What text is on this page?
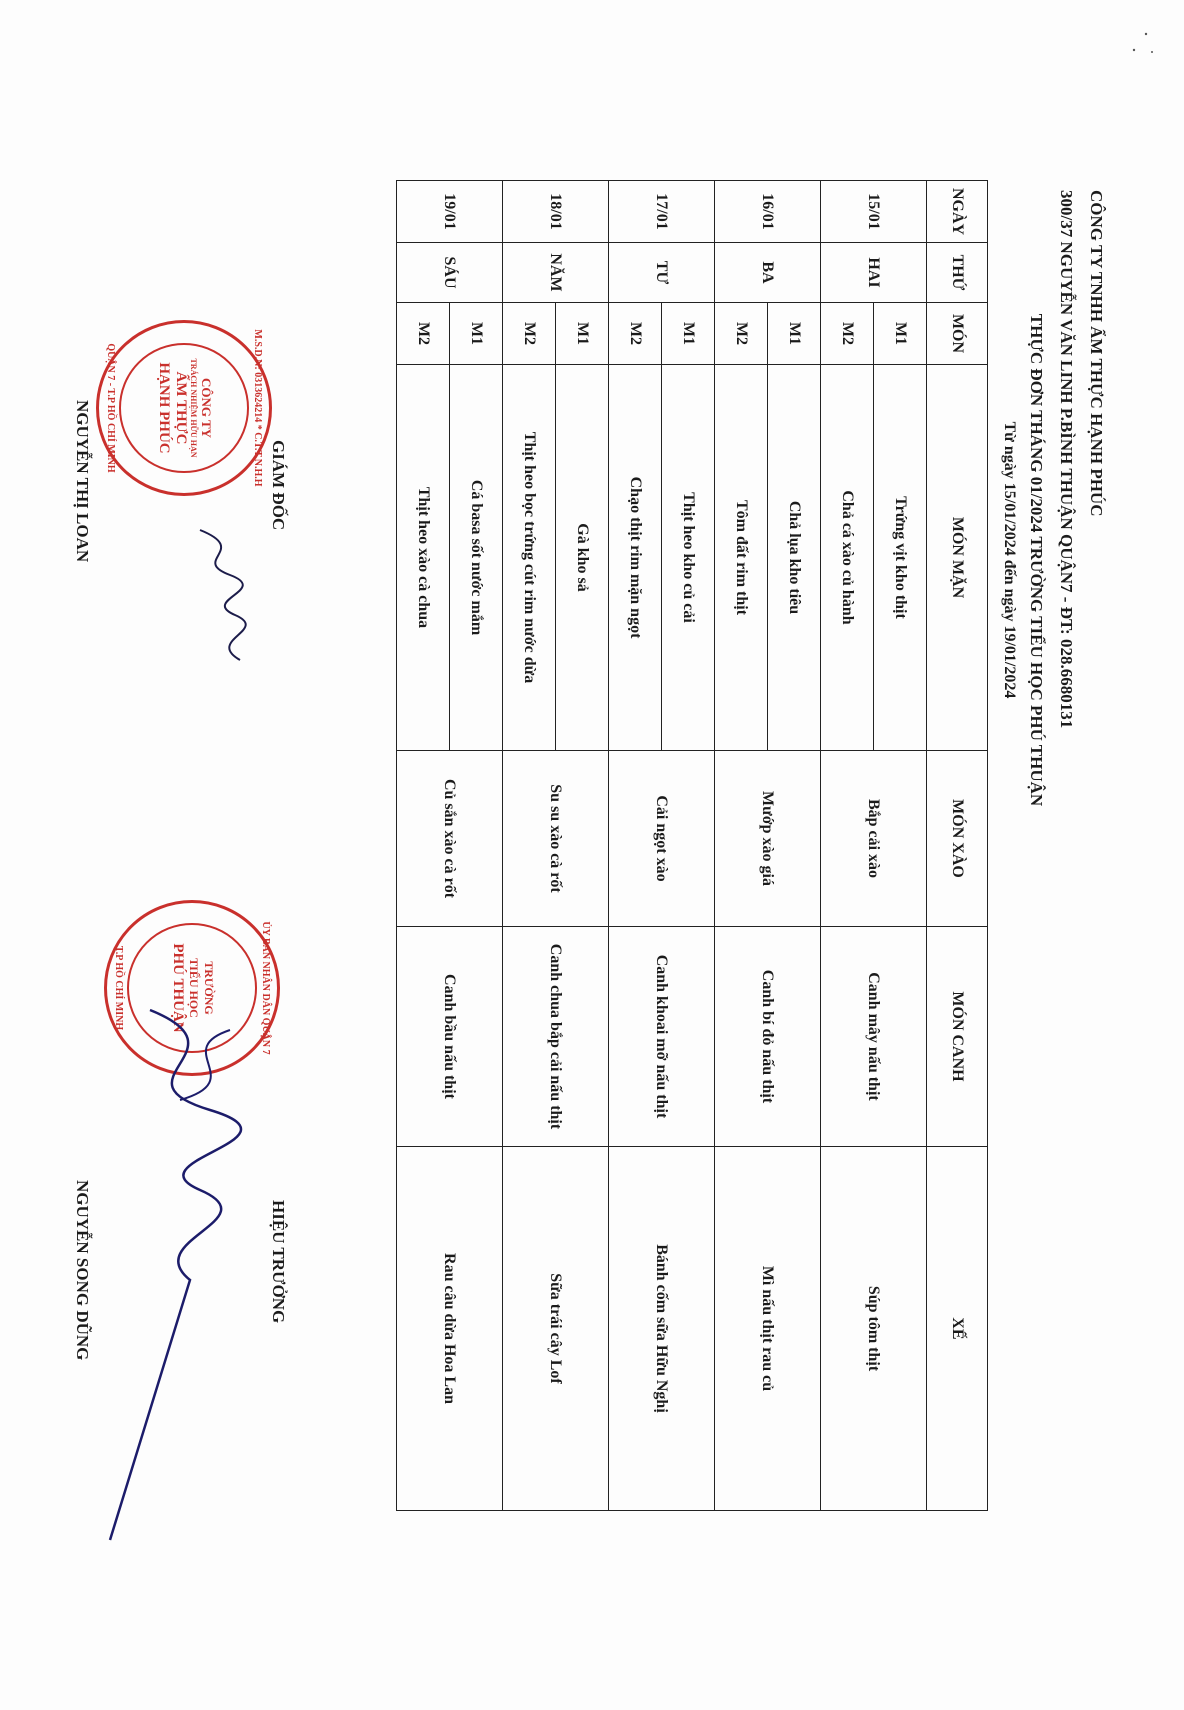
CÔNG TY TNHH ẨM THỰC HẠNH PHÚC
300/37 NGUYỄN VĂN LINH P.BÌNH THUẬN QUẬN7 - ĐT: 028.6680131
THỰC ĐƠN THÁNG 01/2024 TRƯỜNG TIỂU HỌC PHÚ THUẬN
Từ ngày 15/01/2024 đến ngày 19/01/2024
NGÀY	THỨ	MÓN	MÓN MẶN	MÓN XÀO	MÓN CANH	XẾ
15/01	HAI	M1	Trứng vịt kho thịt	Bắp cải xào	Canh mây nấu thịt	Súp tôm thịt
		M2	Chả cá xào củ hành			
16/01	BA	M1	Chả lụa kho tiêu	Mướp xào giá	Canh bí đỏ nấu thịt	Mì nấu thịt rau củ
		M2	Tôm đất rim thịt			
17/01	TƯ	M1	Thịt heo kho củ cải	Cải ngọt xào	Canh khoai mỡ nấu thịt	Bánh cốm sữa Hữu Nghị
		M2	Chạo thịt rim mặn ngọt			
18/01	NĂM	M1	Gà kho sả	Su su xào cà rốt	Canh chua bắp cải nấu thịt	Sữa trái cây Lof
		M2	Thịt heo bọc trứng cút rim nước dừa			
19/01	SÁU	M1	Cá basa sốt nước mắm	Củ sắn xào cà rốt	Canh bầu nấu thịt	Rau câu dừa Hoa Lan
		M2	Thịt heo xào cà chua			
GIÁM ĐỐC
NGUYỄN THỊ LOAN	M.S.D.N: 0313624214 * C.T.T.N.H.H
CÔNG TY
TRÁCH NHIỆM HỮU HẠN
ẨM THỰC
HẠNH PHÚC
QUẬN 7 - T.P HỒ CHÍ MINH
HIỆU TRƯỞNG
NGUYỄN SONG DŨNG
ỦY BAN NHÂN DÂN QUẬN 7
TRƯỜNG
TIỂU HỌC
PHÚ THUẬN
T.P HỒ CHÍ MINH
